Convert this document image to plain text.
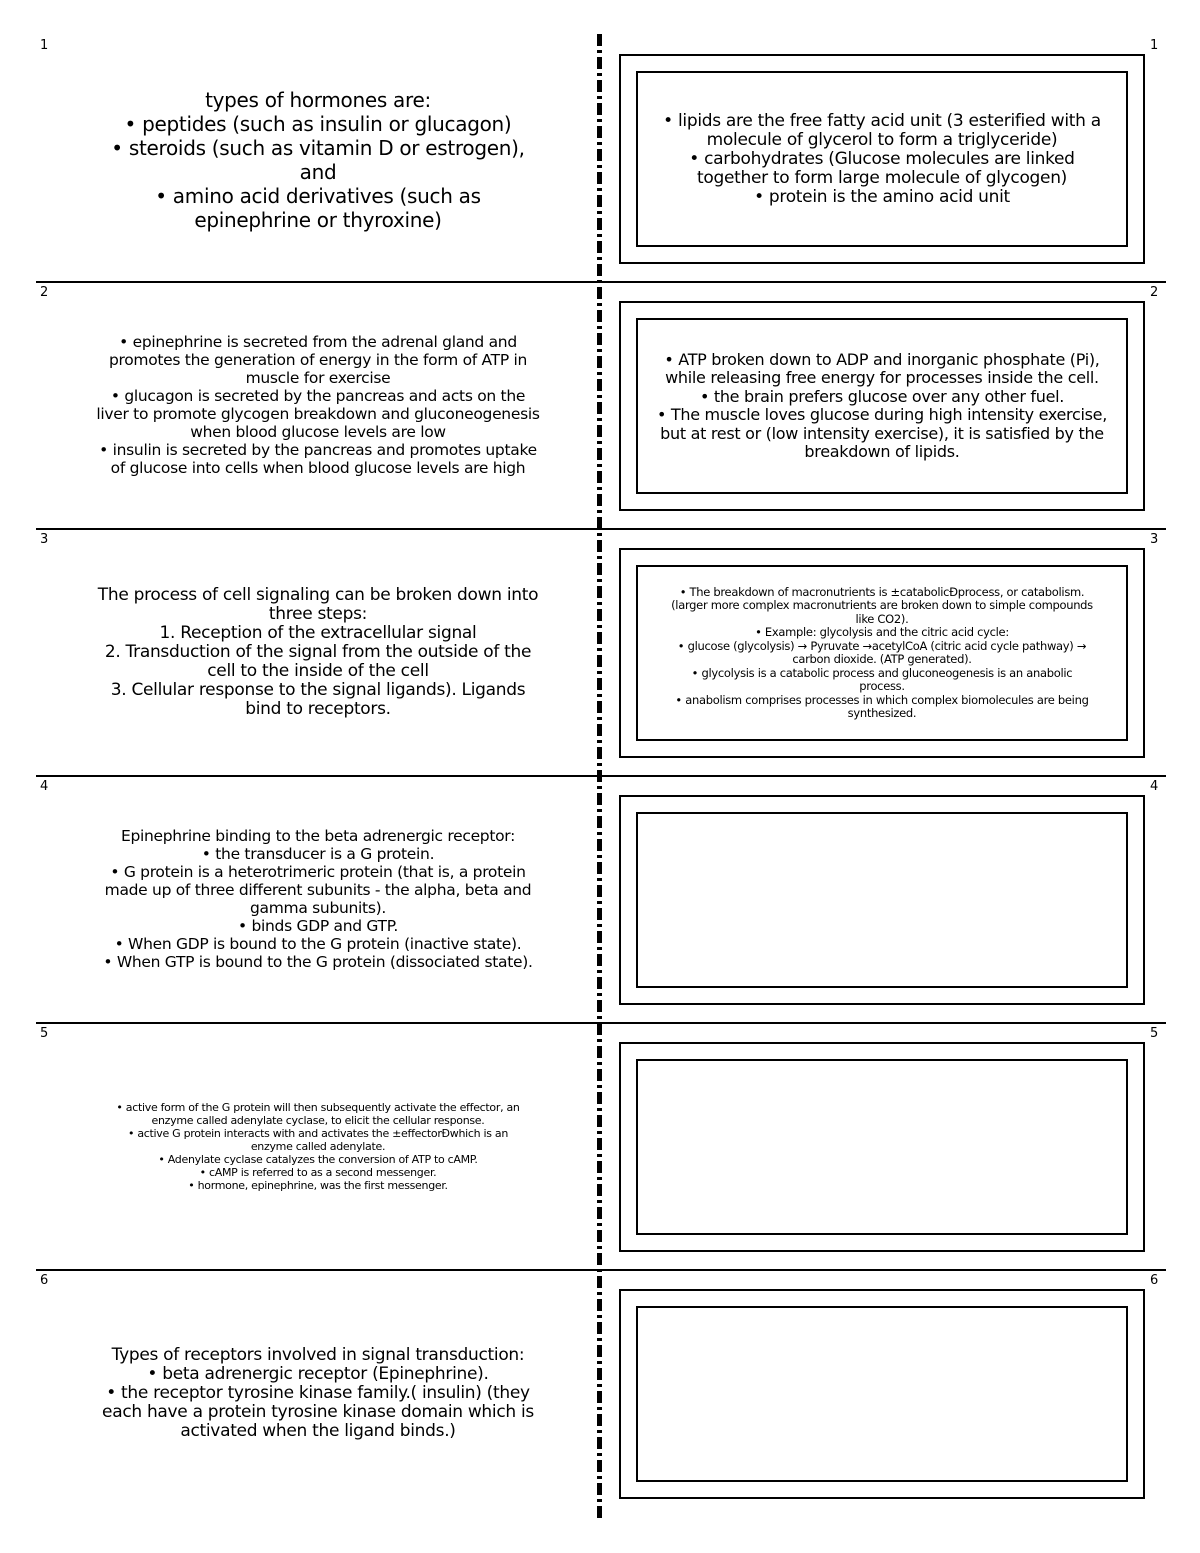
1	1
types of hormones are:
• peptides (such as insulin or glucagon)
• steroids (such as vitamin D or estrogen),
and
• amino acid derivatives (such as
epinephrine or thyroxine)
• lipids are the free fatty acid unit (3 esterified with a
molecule of glycerol to form a triglyceride)
• carbohydrates (Glucose molecules are linked
together to form large molecule of glycogen)
• protein is the amino acid unit
2	2
• epinephrine is secreted from the adrenal gland and
promotes the generation of energy in the form of ATP in
muscle for exercise
• glucagon is secreted by the pancreas and acts on the
liver to promote glycogen breakdown and gluconeogenesis
when blood glucose levels are low
• insulin is secreted by the pancreas and promotes uptake
of glucose into cells when blood glucose levels are high
• ATP broken down to ADP and inorganic phosphate (Pi),
while releasing free energy for processes inside the cell.
• the brain prefers glucose over any other fuel.
• The muscle loves glucose during high intensity exercise,
but at rest or (low intensity exercise), it is satisfied by the
breakdown of lipids.
3	3
The process of cell signaling can be broken down into
three steps:
1. Reception of the extracellular signal
2. Transduction of the signal from the outside of the
cell to the inside of the cell
3. Cellular response to the signal ligands). Ligands
bind to receptors.
• The breakdown of macronutrients is ±catabolicÐprocess, or catabolism.
(larger more complex macronutrients are broken down to simple compounds
like CO2).
• Example: glycolysis and the citric acid cycle:
• glucose (glycolysis) → Pyruvate →acetylCoA (citric acid cycle pathway) →
carbon dioxide. (ATP generated).
• glycolysis is a catabolic process and gluconeogenesis is an anabolic
process.
• anabolism comprises processes in which complex biomolecules are being
synthesized.
4	4
Epinephrine binding to the beta adrenergic receptor:
• the transducer is a G protein.
• G protein is a heterotrimeric protein (that is, a protein
made up of three different subunits - the alpha, beta and
gamma subunits).
• binds GDP and GTP.
• When GDP is bound to the G protein (inactive state).
• When GTP is bound to the G protein (dissociated state).
5	5
• active form of the G protein will then subsequently activate the effector, an
enzyme called adenylate cyclase, to elicit the cellular response.
• active G protein interacts with and activates the ±effectorÐwhich is an
enzyme called adenylate.
• Adenylate cyclase catalyzes the conversion of ATP to cAMP.
• cAMP is referred to as a second messenger.
• hormone, epinephrine, was the first messenger.
6	6
Types of receptors involved in signal transduction:
• beta adrenergic receptor (Epinephrine).
• the receptor tyrosine kinase family.( insulin) (they
each have a protein tyrosine kinase domain which is
activated when the ligand binds.)
